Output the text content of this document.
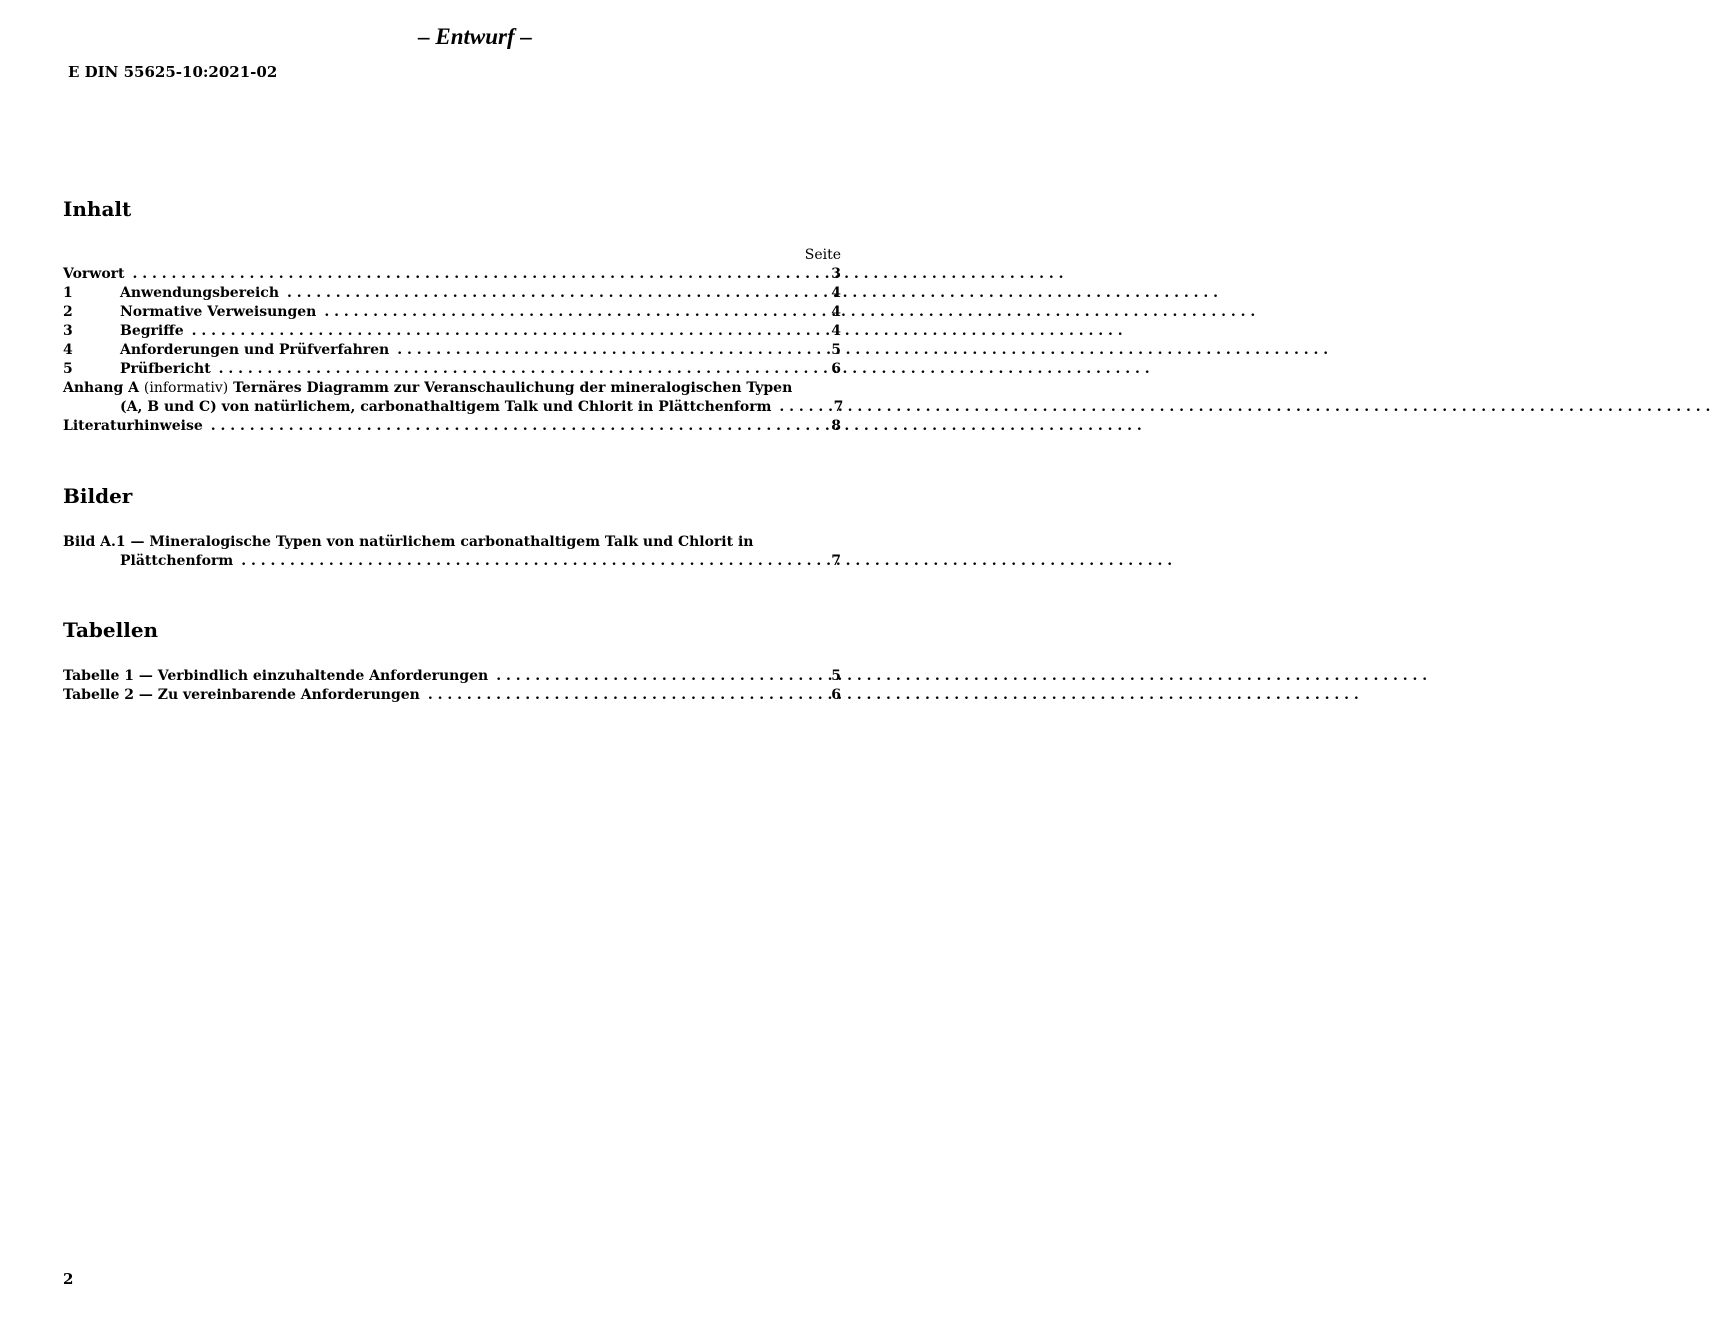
– Entwurf –
E DIN 55625-10:2021-02
Inhalt
Seite
Vorwort . . .	3
1	Anwendungsbereich . . .	4
2	Normative Verweisungen . . .	4
3	Begriffe . . .	4
4	Anforderungen und Prüfverfahren . . .	5
5	Prüfbericht . . .	6
Anhang A (informativ) Ternäres Diagramm zur Veranschaulichung der mineralogischen Typen
(A, B und C) von natürlichem, carbonathaltigem Talk und Chlorit in Plättchenform . . .	7
Literaturhinweise . . .	8
Bilder
Bild A.1 — Mineralogische Typen von natürlichem carbonathaltigem Talk und Chlorit in
Plättchenform . . .	7
Tabellen
Tabelle 1 — Verbindlich einzuhaltende Anforderungen . . .	5
Tabelle 2 — Zu vereinbarende Anforderungen . . .	6
2
